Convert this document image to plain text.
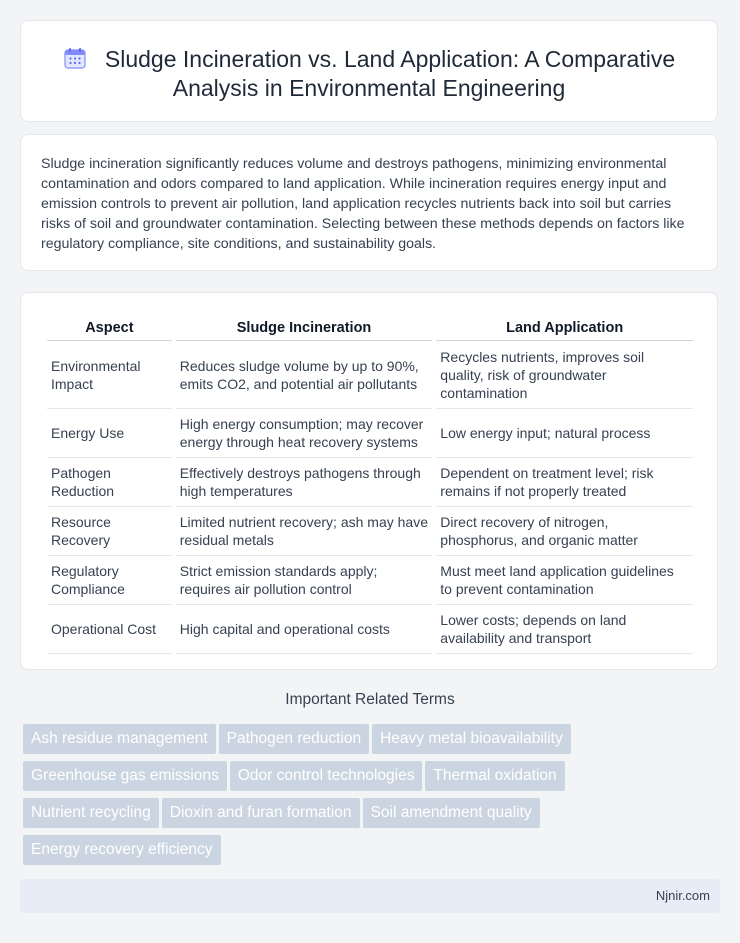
Sludge Incineration vs. Land Application: A Comparative Analysis in Environmental Engineering
Sludge incineration significantly reduces volume and destroys pathogens, minimizing environmental contamination and odors compared to land application. While incineration requires energy input and emission controls to prevent air pollution, land application recycles nutrients back into soil but carries risks of soil and groundwater contamination. Selecting between these methods depends on factors like regulatory compliance, site conditions, and sustainability goals.
Aspect	Sludge Incineration	Land Application
Environmental Impact	Reduces sludge volume by up to 90%, emits CO2, and potential air pollutants	Recycles nutrients, improves soil quality, risk of groundwater contamination
Energy Use	High energy consumption; may recover energy through heat recovery systems	Low energy input; natural process
Pathogen Reduction	Effectively destroys pathogens through high temperatures	Dependent on treatment level; risk remains if not properly treated
Resource Recovery	Limited nutrient recovery; ash may have residual metals	Direct recovery of nitrogen, phosphorus, and organic matter
Regulatory Compliance	Strict emission standards apply; requires air pollution control	Must meet land application guidelines to prevent contamination
Operational Cost	High capital and operational costs	Lower costs; depends on land availability and transport
Important Related Terms
Ash residue management Pathogen reduction Heavy metal bioavailability
Greenhouse gas emissions Odor control technologies Thermal oxidation
Nutrient recycling Dioxin and furan formation Soil amendment quality
Energy recovery efficiency
Njnir.com
